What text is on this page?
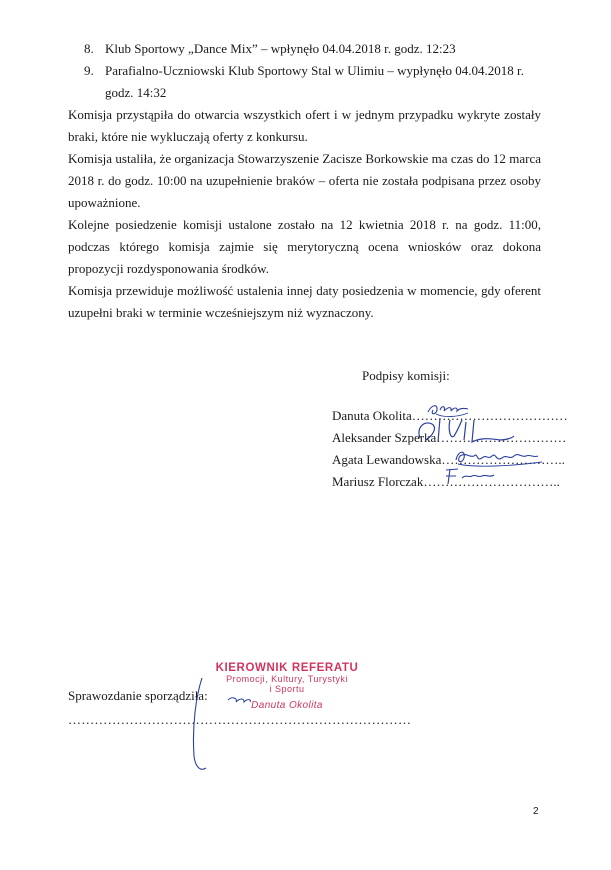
8. Klub Sportowy „Dance Mix” – wpłynęło 04.04.2018 r. godz. 12:23
9. Parafialno-Uczniowski Klub Sportowy Stal w Ulimiu – wypłynęło 04.04.2018 r. godz. 14:32

Komisja przystąpiła do otwarcia wszystkich ofert i w jednym przypadku wykryte zostały braki, które nie wykluczają oferty z konkursu.

Komisja ustaliła, że organizacja Stowarzyszenie Zacisze Borkowskie ma czas do 12 marca 2018 r. do godz. 10:00 na uzupełnienie braków – oferta nie została podpisana przez osoby upoważnione.

Kolejne posiedzenie komisji ustalone zostało na 12 kwietnia 2018 r. na godz. 11:00, podczas którego komisja zajmie się merytoryczną ocena wniosków oraz dokona propozycji rozdysponowania środków.

Komisja przewiduje możliwość ustalenia innej daty posiedzenia w momencie, gdy oferent uzupełni braki w terminie wcześniejszym niż wyznaczony.

Podpisy komisji:
Danuta Okolita………………………………
Aleksander Szperka…………………………
Agata Lewandowska………………………..
Mariusz Florczak…………………………..
Sprawozdanie sporządziła:
……………………………………………………………………
KIEROWNIK REFERATU
Promocji, Kultury, Turystyki
i Sportu
Danuta Okolita
2
